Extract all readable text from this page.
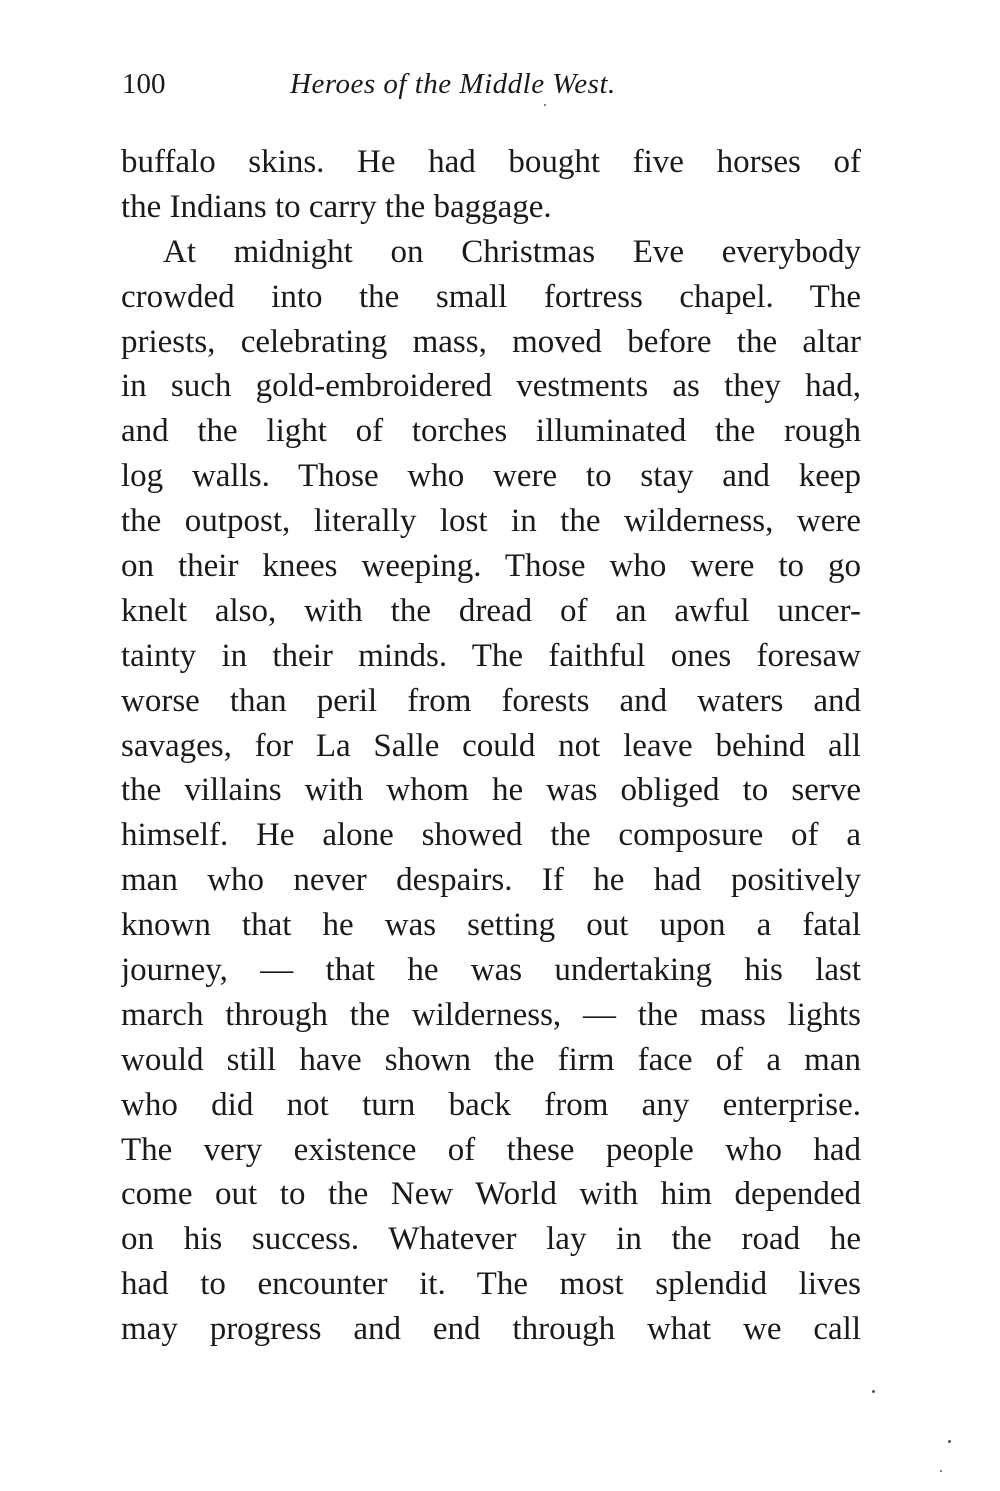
100	Heroes of the Middle West.
buffalo skins. He had bought five horses of
the Indians to carry the baggage.
At midnight on Christmas Eve everybody
crowded into the small fortress chapel. The
priests, celebrating mass, moved before the altar
in such gold-embroidered vestments as they had,
and the light of torches illuminated the rough
log walls. Those who were to stay and keep
the outpost, literally lost in the wilderness, were
on their knees weeping. Those who were to go
knelt also, with the dread of an awful uncer-
tainty in their minds. The faithful ones foresaw
worse than peril from forests and waters and
savages, for La Salle could not leave behind all
the villains with whom he was obliged to serve
himself. He alone showed the composure of a
man who never despairs. If he had positively
known that he was setting out upon a fatal
journey, — that he was undertaking his last
march through the wilderness, — the mass lights
would still have shown the firm face of a man
who did not turn back from any enterprise.
The very existence of these people who had
come out to the New World with him depended
on his success. Whatever lay in the road he
had to encounter it. The most splendid lives
may progress and end through what we call
